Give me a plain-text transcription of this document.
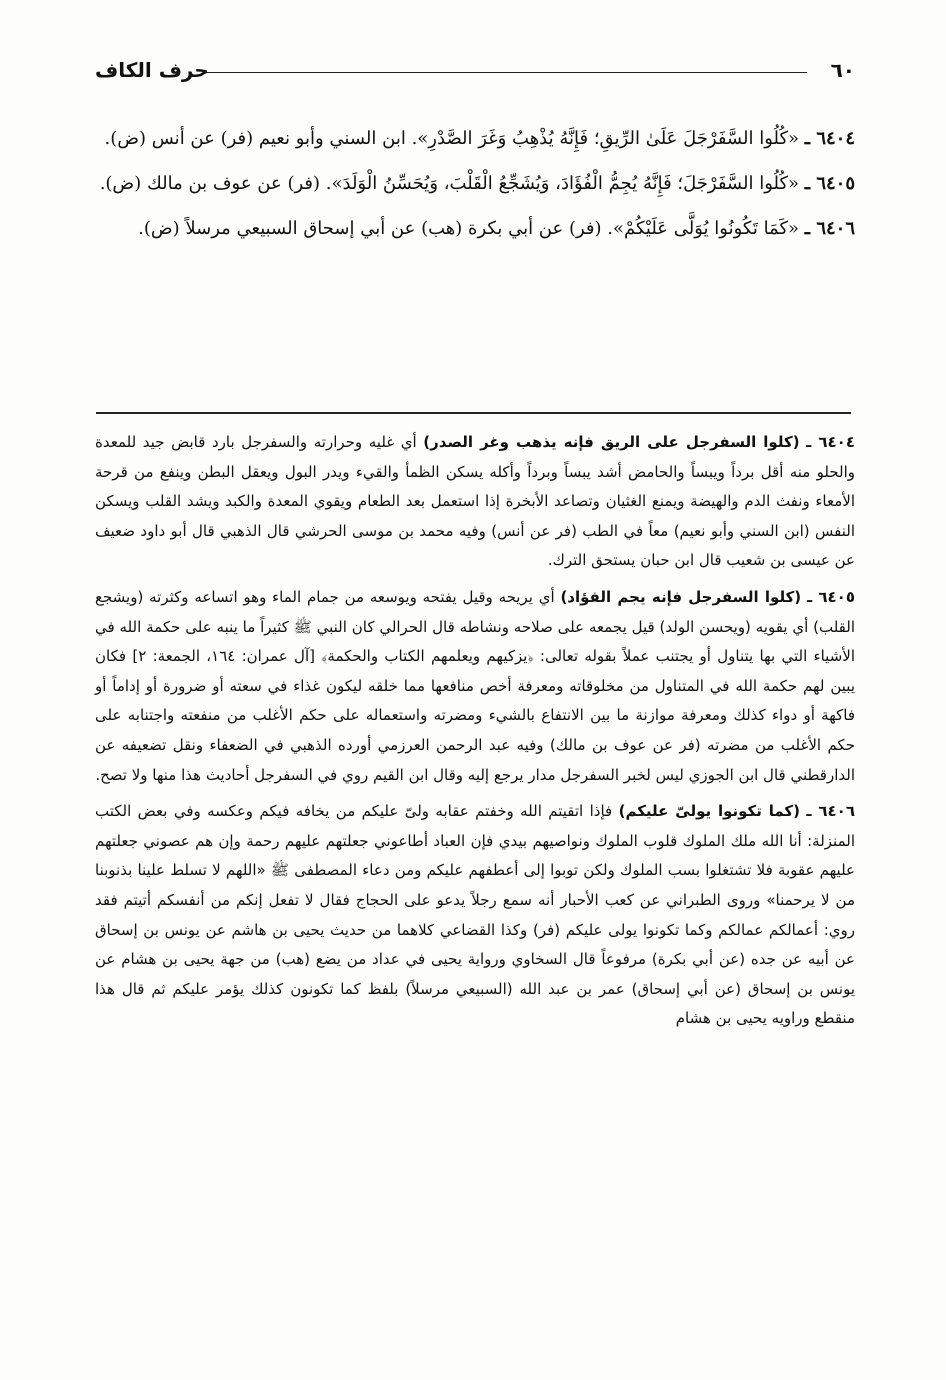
٦٠
حرف الكاف

٦٤٠٤ ـ «كُلُوا السَّفَرْجَلَ عَلَىٰ الرِّيقِ؛ فَإِنَّهُ يُذْهِبُ وَغَرَ الصَّدْرِ». ابن السني وأبو نعيم (فر) عن أنس (ض).

٦٤٠٥ ـ «كُلُوا السَّفَرْجَلَ؛ فَإِنَّهُ يُجِمُّ الْفُؤَادَ، وَيُشَجِّعُ الْقَلْبَ، وَيُحَسِّنُ الْوَلَدَ». (فر) عن عوف بن مالك (ض).

٦٤٠٦ ـ «كَمَا تَكُونُوا يُوَلَّى عَلَيْكُمْ». (فر) عن أبي بكرة (هب) عن أبي إسحاق السبيعي مرسلاً (ض).

٦٤٠٤ ـ (كلوا السفرجل على الريق فإنه يذهب وغر الصدر) أي غليه وحرارته والسفرجل بارد قابض جيد للمعدة والحلو منه أقل برداً ويبساً والحامض أشد يبساً وبرداً وأكله يسكن الظمأ والقيء ويدر البول ويعقل البطن وينفع من قرحة الأمعاء ونفث الدم والهيضة ويمنع الغثيان وتصاعد الأبخرة إذا استعمل بعد الطعام ويقوي المعدة والكبد ويشد القلب ويسكن النفس (ابن السني وأبو نعيم) معاً في الطب (فر عن أنس) وفيه محمد بن موسى الحرشي قال الذهبي قال أبو داود ضعيف عن عيسى بن شعيب قال ابن حبان يستحق الترك.

٦٤٠٥ ـ (كلوا السفرجل فإنه يجم الفؤاد) أي يريحه وقيل يفتحه ويوسعه من جمام الماء وهو اتساعه وكثرته (ويشجع القلب) أي يقويه (ويحسن الولد) قيل يجمعه على صلاحه ونشاطه قال الحرالي كان النبي ﷺ كثيراً ما ينبه على حكمة الله في الأشياء التي بها يتناول أو يجتنب عملاً بقوله تعالى: ﴿يزكيهم ويعلمهم الكتاب والحكمة﴾ [آل عمران: ١٦٤، الجمعة: ٢] فكان يبين لهم حكمة الله في المتناول من مخلوقاته ومعرفة أخص منافعها مما خلقه ليكون غذاء في سعته أو ضرورة أو إداماً أو فاكهة أو دواء كذلك ومعرفة موازنة ما بين الانتفاع بالشيء ومضرته واستعماله على حكم الأغلب من منفعته واجتنابه على حكم الأغلب من مضرته (فر عن عوف بن مالك) وفيه عبد الرحمن العرزمي أورده الذهبي في الضعفاء ونقل تضعيفه عن الدارقطني قال ابن الجوزي ليس لخبر السفرجل مدار يرجع إليه وقال ابن القيم روي في السفرجل أحاديث هذا منها ولا تصح.

٦٤٠٦ ـ (كما تكونوا يولىّ عليكم) فإذا اتقيتم الله وخفتم عقابه ولىّ عليكم من يخافه فيكم وعكسه وفي بعض الكتب المنزلة: أنا الله ملك الملوك قلوب الملوك ونواصيهم بيدي فإن العباد أطاعوني جعلتهم عليهم رحمة وإن هم عصوني جعلتهم عليهم عقوبة فلا تشتغلوا بسب الملوك ولكن توبوا إلى أعطفهم عليكم ومن دعاء المصطفى ﷺ «اللهم لا تسلط علينا بذنوبنا من لا يرحمنا» وروى الطبراني عن كعب الأحبار أنه سمع رجلاً يدعو على الحجاج فقال لا تفعل إنكم من أنفسكم أتيتم فقد روي: أعمالكم عمالكم وكما تكونوا يولى عليكم (فر) وكذا القضاعي كلاهما من حديث يحيى بن هاشم عن يونس بن إسحاق عن أبيه عن جده (عن أبي بكرة) مرفوعاً قال السخاوي ورواية يحيى في عداد من يضع (هب) من جهة يحيى بن هشام عن يونس بن إسحاق (عن أبي إسحاق) عمر بن عبد الله (السبيعي مرسلاً) بلفظ كما تكونون كذلك يؤمر عليكم ثم قال هذا منقطع وراويه يحيى بن هشام
